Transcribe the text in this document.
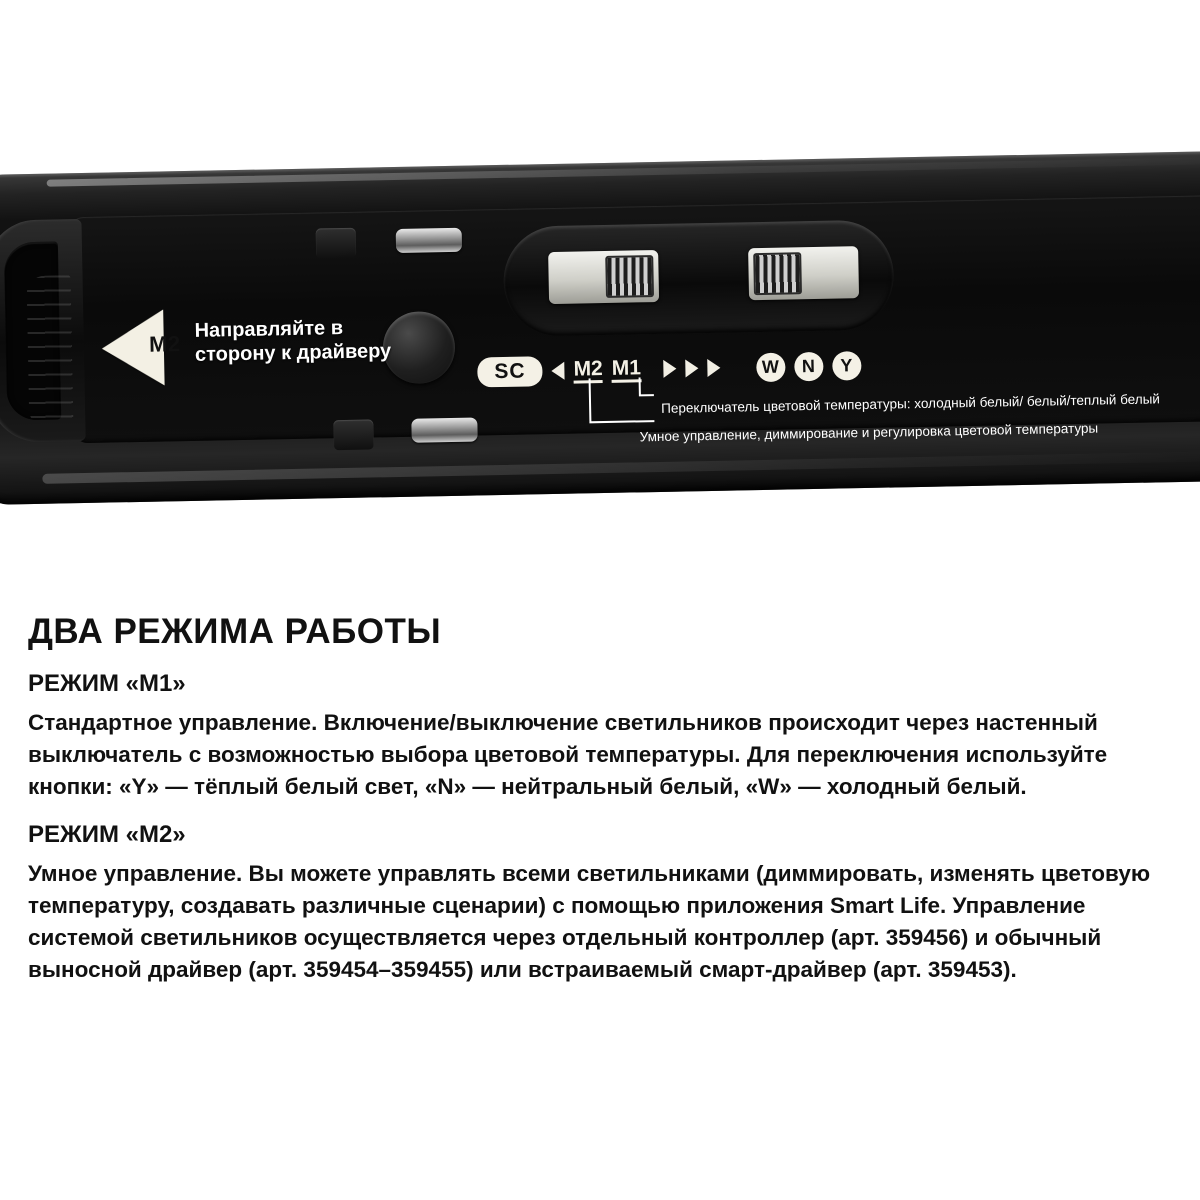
M2
Направляйте в сторону к драйверу
SC	M2 M1	W	N	Y
Переключатель цветовой температуры: холодный белый/ белый/теплый белый
Умное управление, диммирование и регулировка цветовой температуры
ДВА РЕЖИМА РАБОТЫ
РЕЖИМ «M1»

Стандартное управление. Включение/выключение светильников происходит через настенный выключатель с возможностью выбора цветовой температуры. Для переключения используйте кнопки: «Y» — тёплый белый свет, «N» — нейтральный белый, «W» — холодный белый.

РЕЖИМ «M2»

Умное управление. Вы можете управлять всеми светильниками (диммировать, изменять цветовую температуру, создавать различные сценарии) с помощью приложения Smart Life. Управление системой светильников осуществляется через отдельный контроллер (арт. 359456) и обычный выносной драйвер (арт. 359454–359455) или встраиваемый смарт-драйвер (арт. 359453).
